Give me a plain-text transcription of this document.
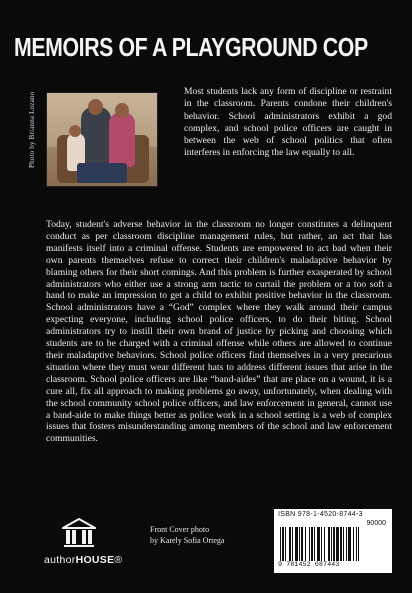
MEMOIRS OF A PLAYGROUND COP
Photo by Brianna Lozano

Most students lack any form of discipline or restraint in the classroom. Parents condone their children's behavior. School administrators exhibit a god complex, and school police officers are caught in between the web of school politics that often interferes in enforcing the law equally to all.

Today, student's adverse behavior in the classroom no longer constitutes a delinquent conduct as per classroom discipline management rules, but rather, an act that has manifests itself into a criminal offense. Students are empowered to act bad when their own parents themselves refuse to correct their children's maladaptive behavior by blaming others for their short comings. And this problem is further exasperated by school administrators who either use a strong arm tactic to curtail the problem or a too soft a hand to make an impression to get a child to exhibit positive behavior in the classroom. School administrators have a “God” complex where they walk around their campus expecting everyone, including school police officers, to do their biting. School administrators try to instill their own brand of justice by picking and choosing which students are to be charged with a criminal offense while others are allowed to continue their maladaptive behaviors. School police officers find themselves in a very precarious situation where they must wear different hats to address different issues that arise in the classroom. School police officers are like “band-aides” that are place on a wound, it is a cure all, fix all approach to making problems go away, unfortunately, when dealing with the school community school police officers, and law enforcement in general, cannot use a band-aide to make things better as police work in a school setting is a web of complex issues that fosters misunderstanding among members of the school and law enforcement communities.

authorHOUSE®
Front Cover photo
by Karely Sofia Ortega
ISBN 978-1-4520-8744-3
90000
9 781452 087443
